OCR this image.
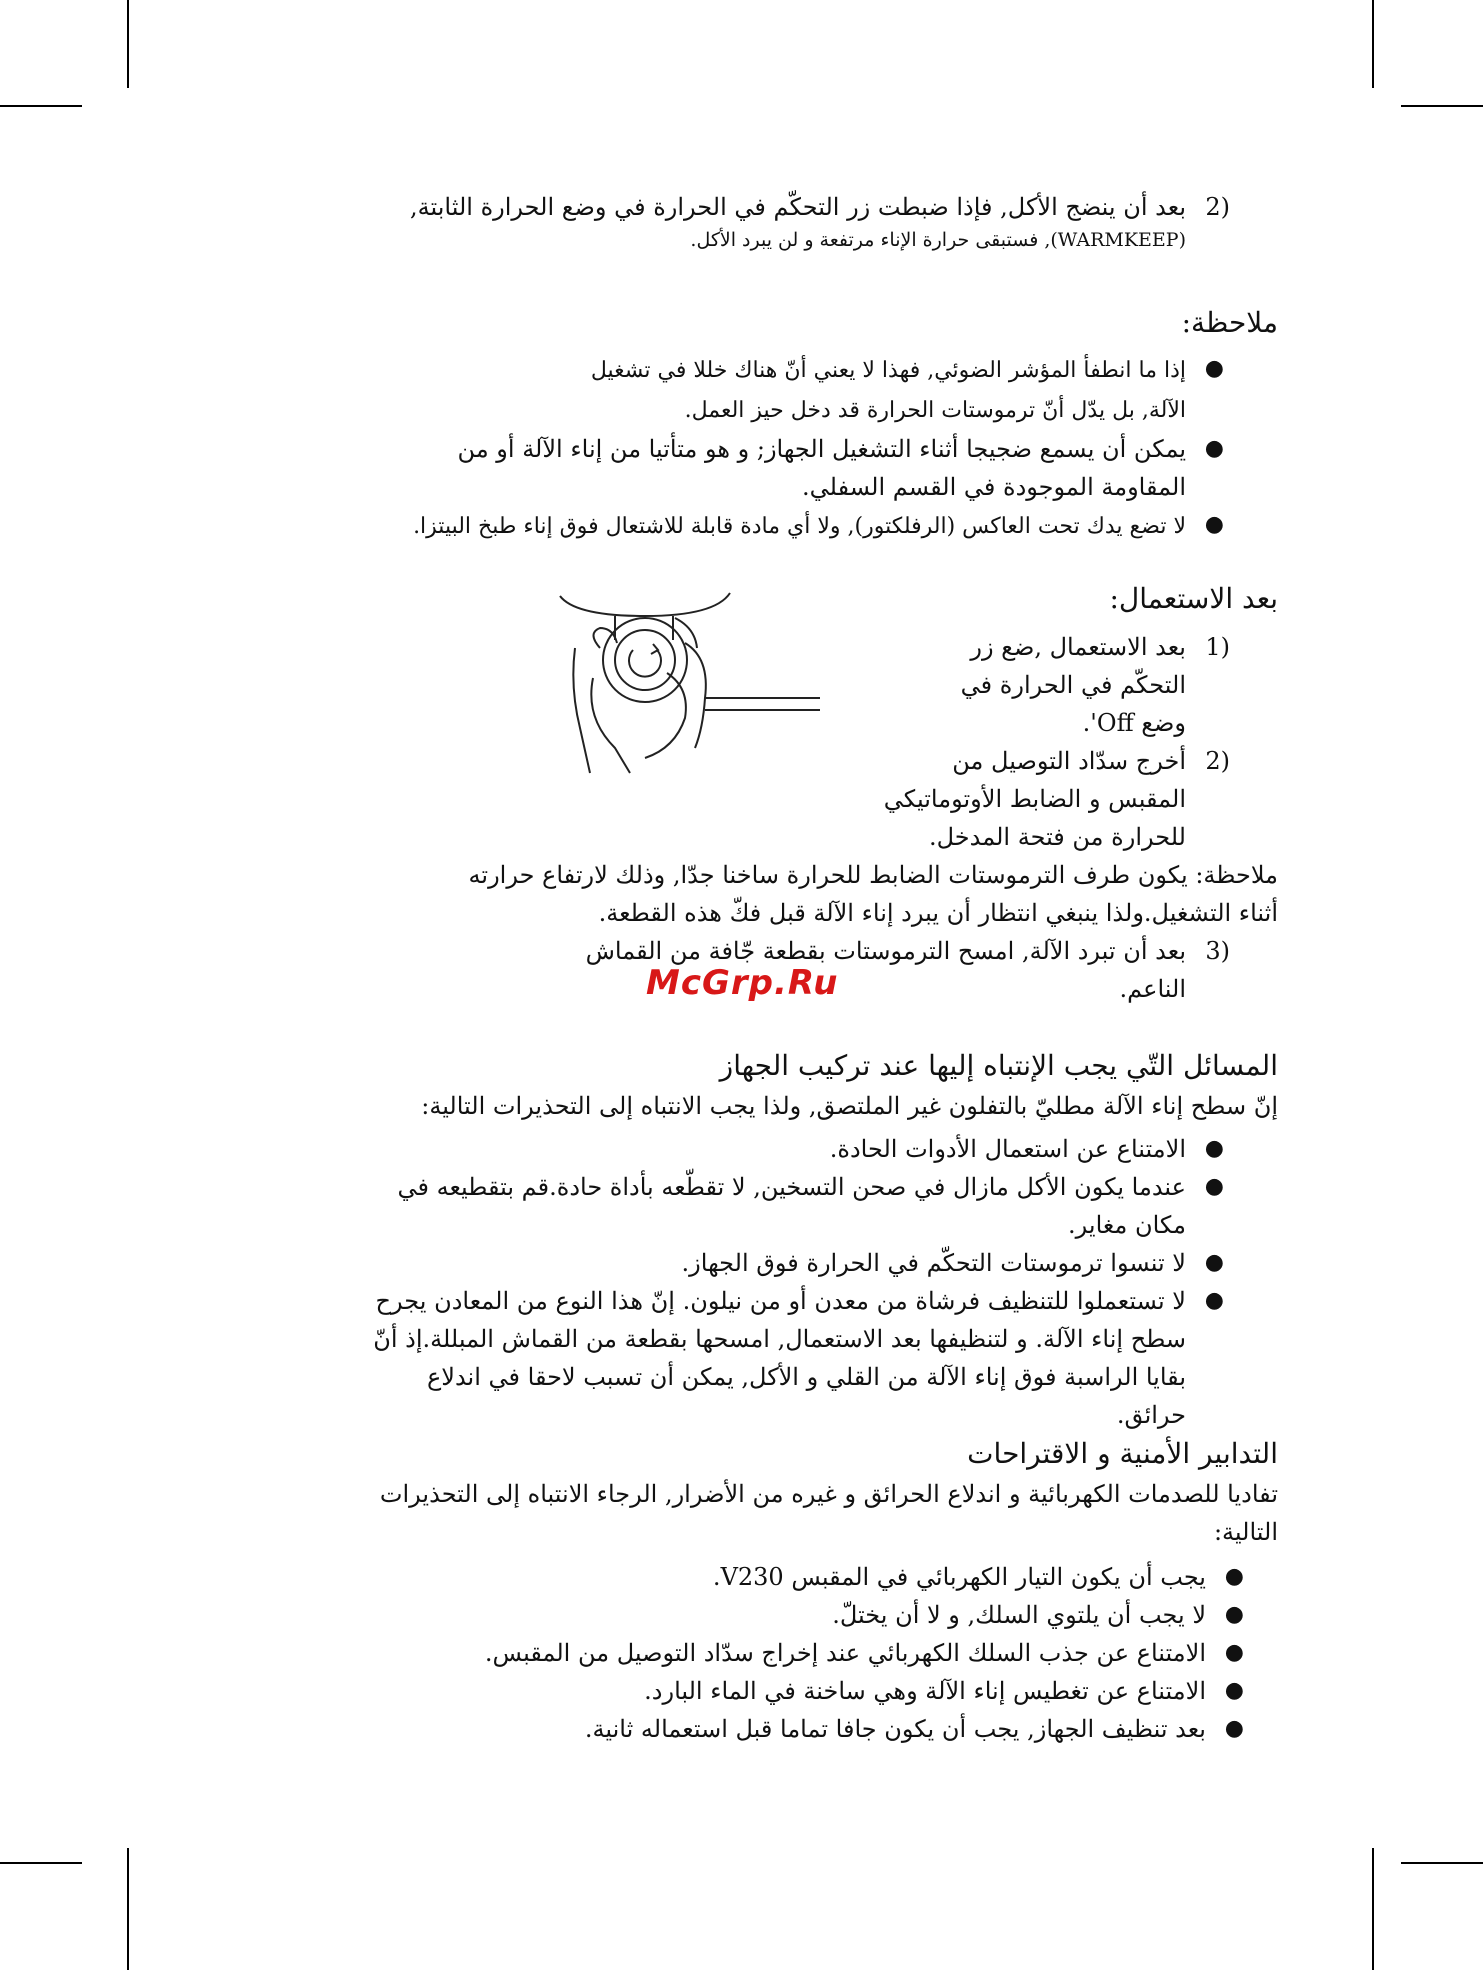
2)
بعد أن ينضج الأكل, فإذا ضبطت زر التحكّم في الحرارة في وضع الحرارة الثابتة,
(WARMKEEP), فستبقى حرارة الإناء مرتفعة و لن يبرد الأكل.
ملاحظة:
●
إذا ما انطفأ المؤشر الضوئي, فهذا لا يعني أنّ هناك خللا في تشغيل الآلة, بل يدّل أنّ ترموستات الحرارة قد دخل حيز العمل.
●
يمكن أن يسمع ضجيجا أثناء التشغيل الجهاز; و هو متأتيا من إناء الآلة أو من المقاومة الموجودة في القسم السفلي.
●
لا تضع يدك تحت العاكس (الرفلكتور), ولا أي مادة قابلة للاشتعال فوق إناء طبخ البيتزا.
بعد الاستعمال:
1)
بعد الاستعمال ,ضع زر
التحكّم في الحرارة في
وضع Off'.
2)
أخرج سدّاد التوصيل من
المقبس و الضابط الأوتوماتيكي
للحرارة من فتحة المدخل.
ملاحظة: يكون طرف الترموستات الضابط للحرارة ساخنا جدّا, وذلك لارتفاع حرارته
أثناء التشغيل.ولذا ينبغي انتظار أن يبرد إناء الآلة قبل فكّ هذه القطعة.
3)
بعد أن تبرد الآلة, امسح الترموستات بقطعة جّافة من القماش
الناعم.
McGrp.Ru
المسائل التّي يجب الإنتباه إليها عند تركيب الجهاز
إنّ سطح إناء الآلة مطليّ بالتفلون غير الملتصق, ولذا يجب الانتباه إلى التحذيرات التالية:
●
الامتناع عن استعمال الأدوات الحادة.
●
عندما يكون الأكل مازال في صحن التسخين, لا تقطّعه بأداة حادة.قم بتقطيعه في مكان مغاير.
●
لا تنسوا ترموستات التحكّم في الحرارة فوق الجهاز.
●
لا تستعملوا للتنظيف فرشاة من معدن أو من نيلون. إنّ هذا النوع من المعادن يجرح سطح إناء الآلة. و لتنظيفها بعد الاستعمال, امسحها بقطعة من القماش المبللة.إذ أنّ بقايا الراسبة فوق إناء الآلة من القلي و الأكل, يمكن أن تسبب لاحقا في اندلاع حرائق.
التدابير الأمنية و الاقتراحات
تفاديا للصدمات الكهربائية و اندلاع الحرائق و غيره من الأضرار, الرجاء الانتباه إلى التحذيرات التالية:
●
يجب أن يكون التيار الكهربائي في المقبس V230.
●
لا يجب أن يلتوي السلك, و لا أن يختلّ.
●
الامتناع عن جذب السلك الكهربائي عند إخراج سدّاد التوصيل من المقبس.
●
الامتناع عن تغطيس إناء الآلة وهي ساخنة في الماء البارد.
●
بعد تنظيف الجهاز, يجب أن يكون جافا تماما قبل استعماله ثانية.
